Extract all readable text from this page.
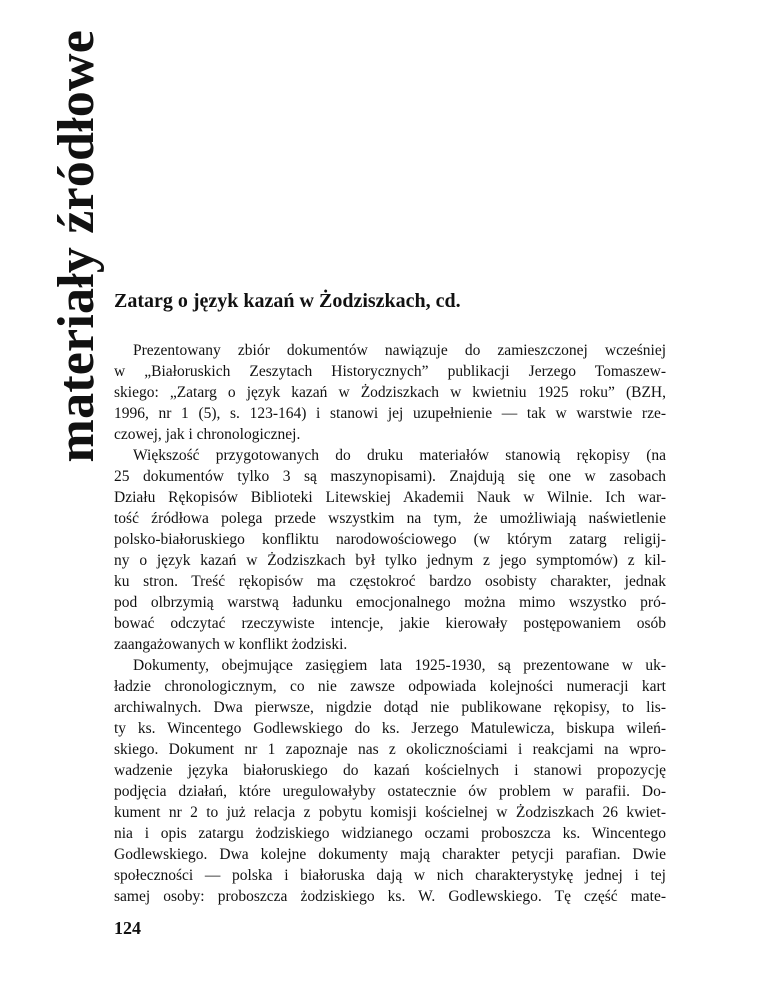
materiały źródłowe Zatarg o język kazań w Żodziszkach, cd.
Prezentowany zbiór dokumentów nawiązuje do zamieszczonej wcześniej
w „Białoruskich Zeszytach Historycznych” publikacji Jerzego Tomaszew-
skiego: „Zatarg o język kazań w Żodziszkach w kwietniu 1925 roku” (BZH,
1996, nr 1 (5), s. 123-164) i stanowi jej uzupełnienie — tak w warstwie rze-
czowej, jak i chronologicznej.
Większość przygotowanych do druku materiałów stanowią rękopisy (na
25 dokumentów tylko 3 są maszynopisami). Znajdują się one w zasobach
Działu Rękopisów Biblioteki Litewskiej Akademii Nauk w Wilnie. Ich war-
tość źródłowa polega przede wszystkim na tym, że umożliwiają naświetlenie
polsko-białoruskiego konfliktu narodowościowego (w którym zatarg religij-
ny o język kazań w Żodziszkach był tylko jednym z jego symptomów) z kil-
ku stron. Treść rękopisów ma częstokroć bardzo osobisty charakter, jednak
pod olbrzymią warstwą ładunku emocjonalnego można mimo wszystko pró-
bować odczytać rzeczywiste intencje, jakie kierowały postępowaniem osób
zaangażowanych w konflikt żodziski.
Dokumenty, obejmujące zasięgiem lata 1925-1930, są prezentowane w uk-
ładzie chronologicznym, co nie zawsze odpowiada kolejności numeracji kart
archiwalnych. Dwa pierwsze, nigdzie dotąd nie publikowane rękopisy, to lis-
ty ks. Wincentego Godlewskiego do ks. Jerzego Matulewicza, biskupa wileń-
skiego. Dokument nr 1 zapoznaje nas z okolicznościami i reakcjami na wpro-
wadzenie języka białoruskiego do kazań kościelnych i stanowi propozycję
podjęcia działań, które uregulowałyby ostatecznie ów problem w parafii. Do-
kument nr 2 to już relacja z pobytu komisji kościelnej w Żodziszkach 26 kwiet-
nia i opis zatargu żodziskiego widzianego oczami proboszcza ks. Wincentego
Godlewskiego. Dwa kolejne dokumenty mają charakter petycji parafian. Dwie
społeczności — polska i białoruska dają w nich charakterystykę jednej i tej
samej osoby: proboszcza żodziskiego ks. W. Godlewskiego. Tę część mate-
124
